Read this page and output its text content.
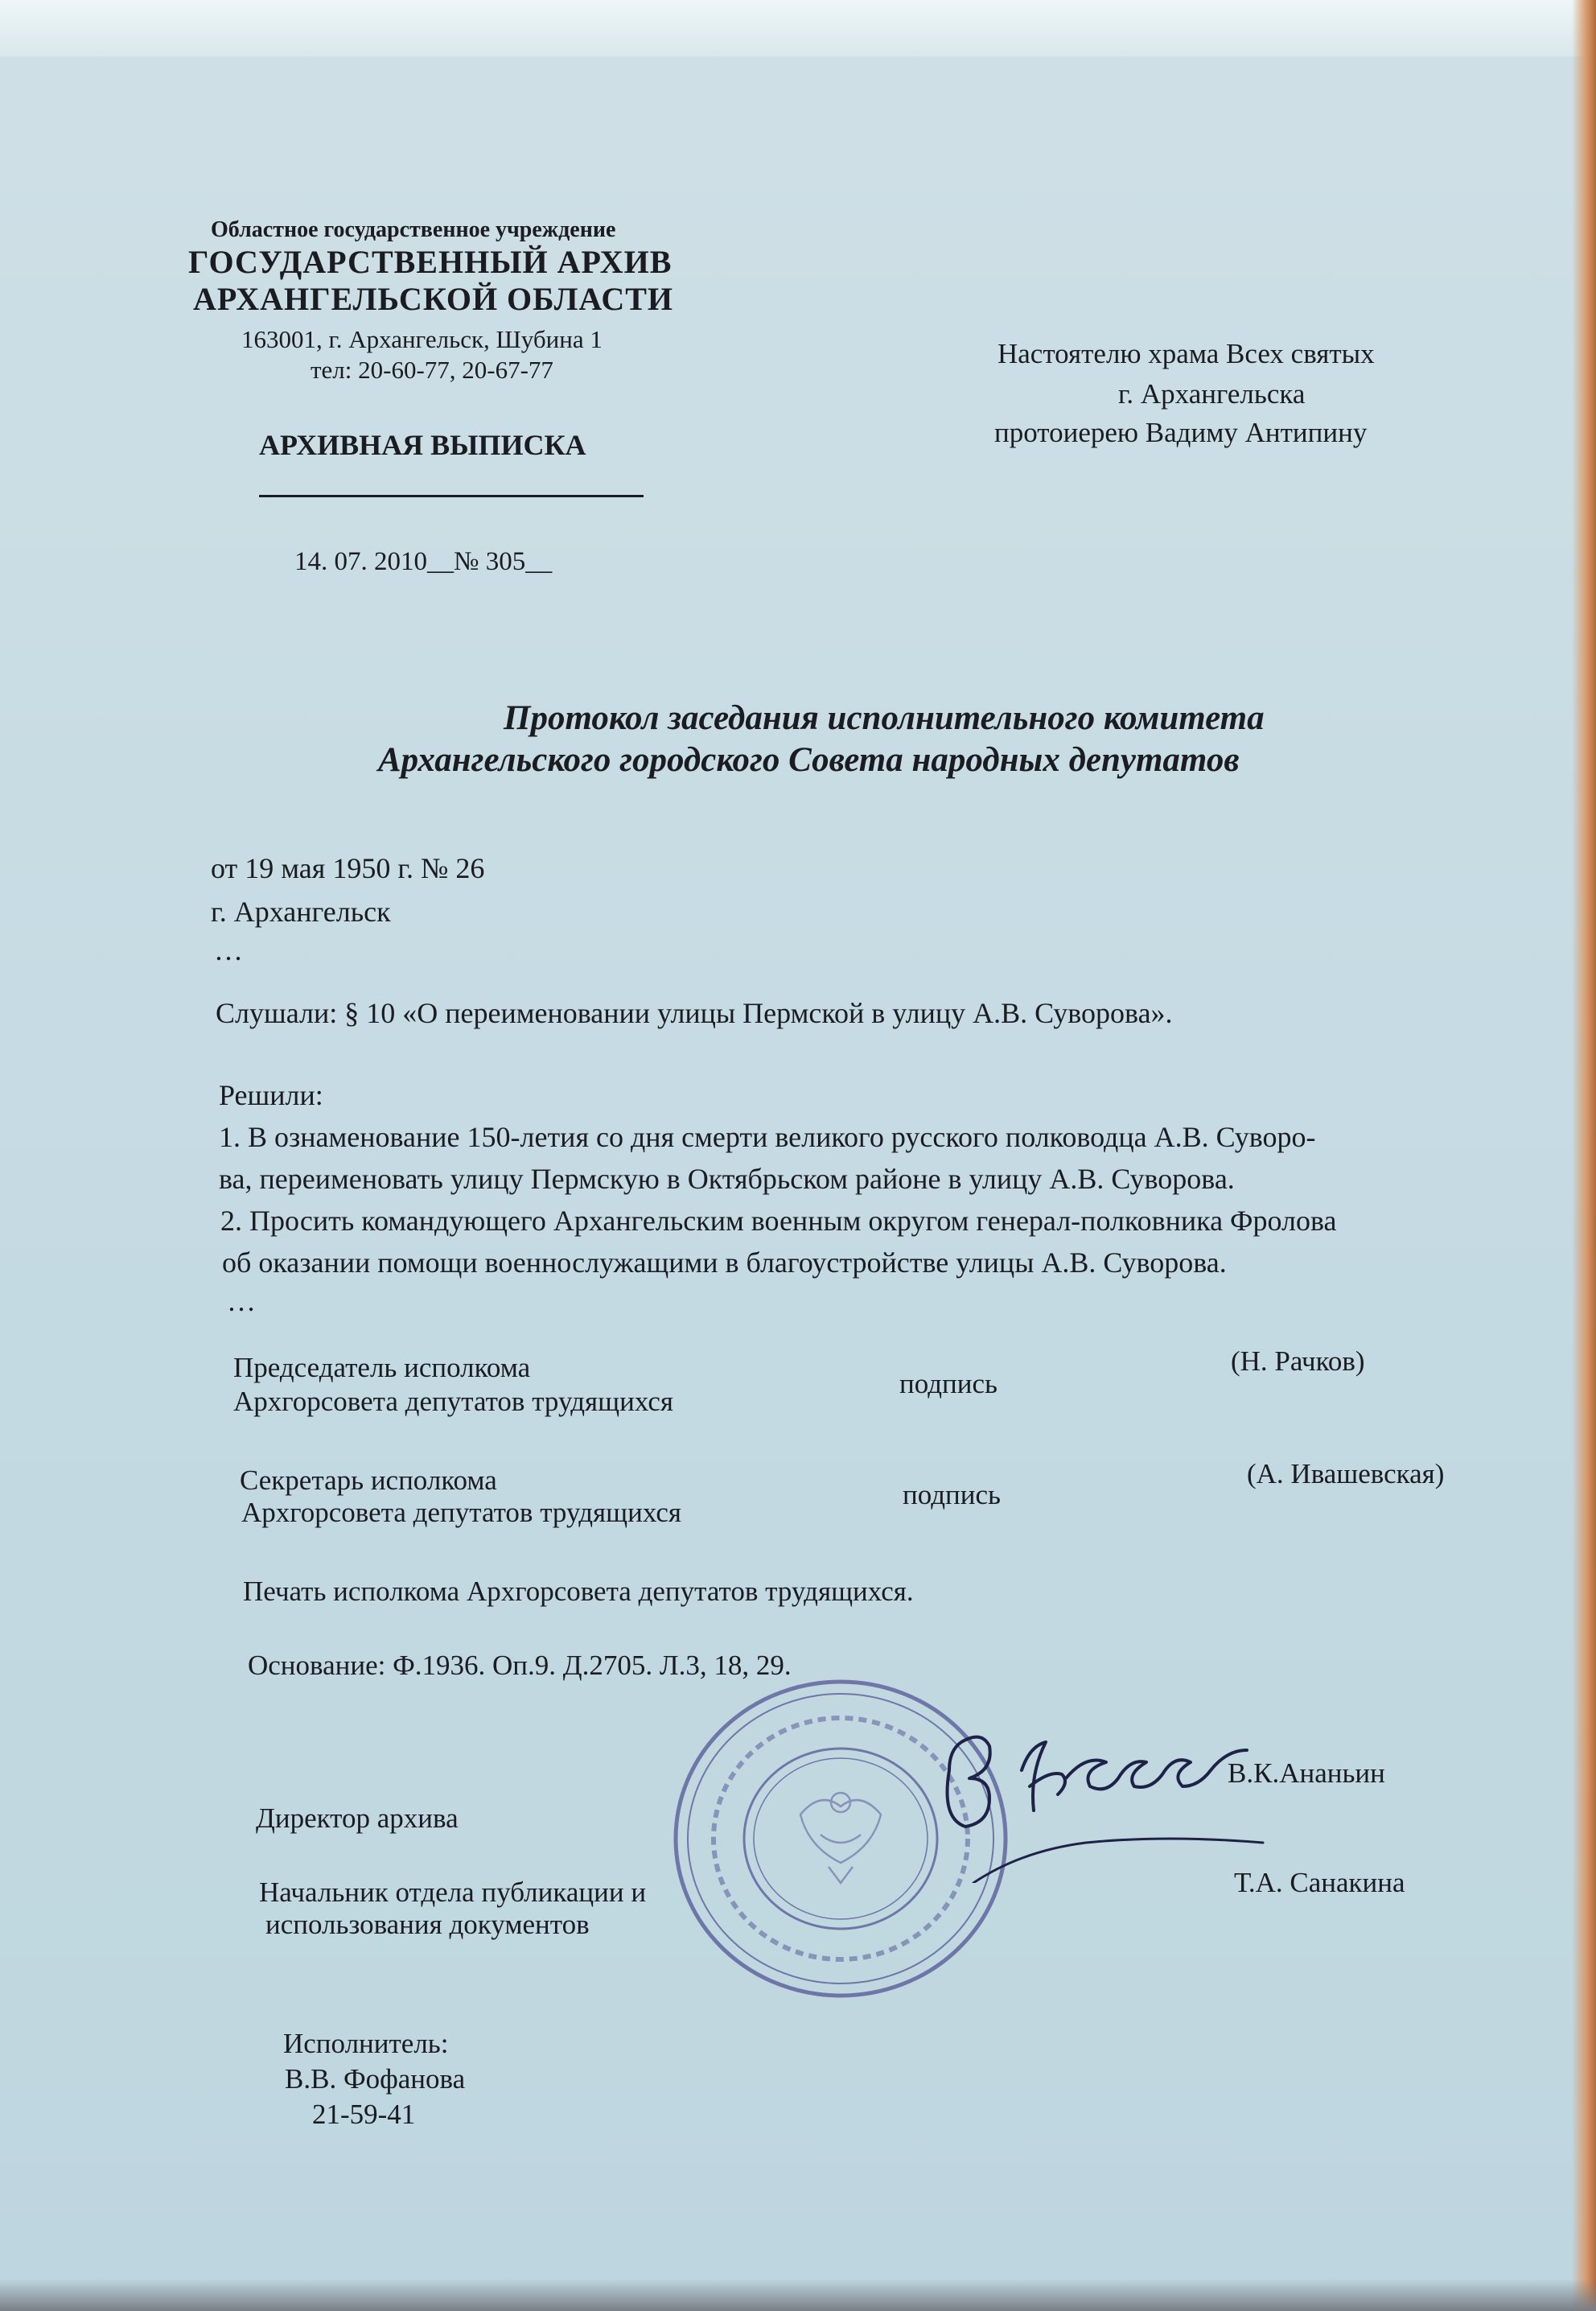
Областное государственное учреждение
ГОСУДАРСТВЕННЫЙ АРХИВ
АРХАНГЕЛЬСКОЙ ОБЛАСТИ
163001, г. Архангельск, Шубина 1
тел: 20-60-77, 20-67-77
Настоятелю храма Всех святых
г. Архангельска
протоиерею Вадиму Антипину
АРХИВНАЯ ВЫПИСКА
14. 07. 2010__№ 305__
Протокол заседания исполнительного комитета
Архангельского городского Совета народных депутатов
от 19 мая 1950 г. № 26
г. Архангельск
…
Слушали: § 10 «О переименовании улицы Пермской в улицу А.В. Суворова».
Решили:
1. В ознаменование 150-летия со дня смерти великого русского полководца А.В. Суворо-
ва, переименовать улицу Пермскую в Октябрьском районе в улицу А.В. Суворова.
2. Просить командующего Архангельским военным округом генерал-полковника Фролова
об оказании помощи военнослужащими в благоустройстве улицы А.В. Суворова.
…
Председатель исполкома
Архгорсовета депутатов трудящихся
подпись
(Н. Рачков)
Секретарь исполкома
Архгорсовета депутатов трудящихся
подпись
(А. Ивашевская)
Печать исполкома Архгорсовета депутатов трудящихся.
Основание: Ф.1936. Оп.9. Д.2705. Л.3, 18, 29.
Директор архива
В.К.Ананьин
Начальник отдела публикации и
использования документов
Т.А. Санакина
Исполнитель:
В.В. Фофанова
21-59-41
